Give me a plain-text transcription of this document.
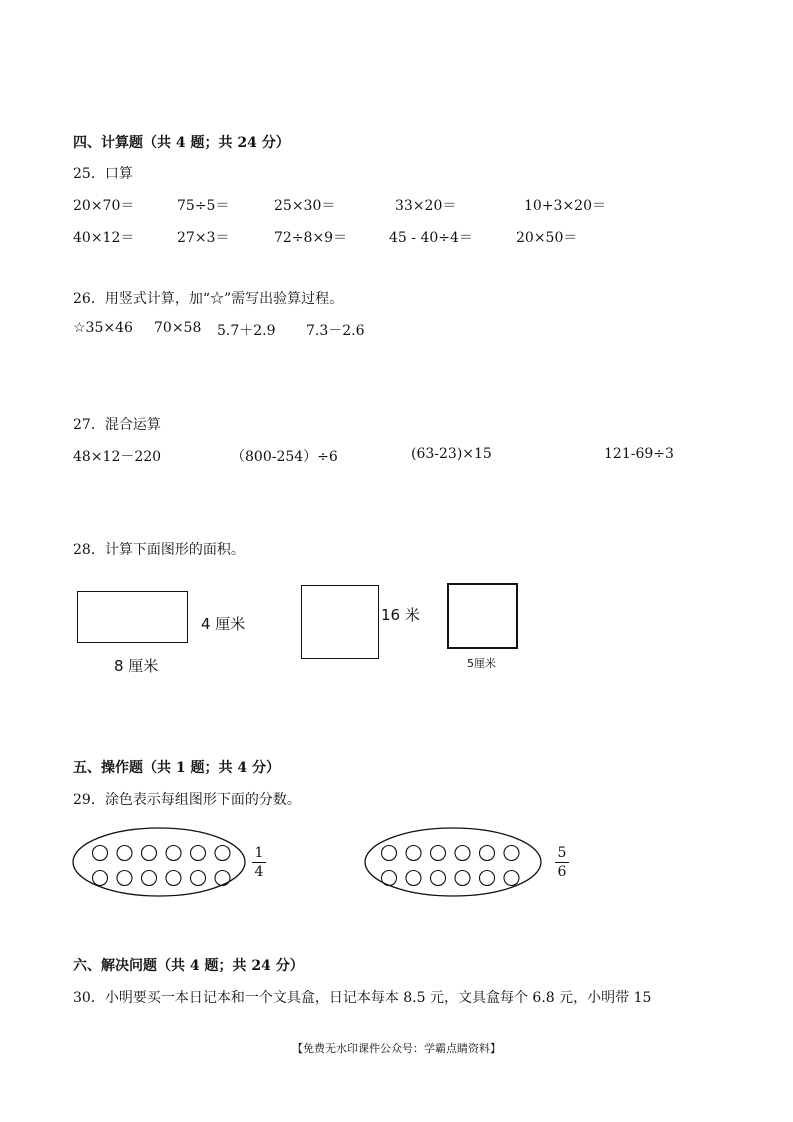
四、计算题（共 4 题；共 24 分）
25．口算
20×70＝	75÷5＝	25×30＝	33×20＝	10+3×20＝
40×12＝	27×3＝	72÷8×9＝	45 - 40÷4＝	20×50＝
26．用竖式计算，加“☆”需写出验算过程。
☆35×46 70×58 5.7＋2.9 7.3－2.6
27．混合运算
48×12－220	（800-254）÷6	(63-23)×15	121-69÷3
28．计算下面图形的面积。
4 厘米
8 厘米
16 米
5厘米
五、操作题（共 1 题；共 4 分）
29．涂色表示每组图形下面的分数。
1
4
5
6
六、解决问题（共 4 题；共 24 分）
30．小明要买一本日记本和一个文具盒，日记本每本 8.5 元，文具盒每个 6.8 元，小明带 15
【免费无水印课件公众号：学霸点睛资料】
